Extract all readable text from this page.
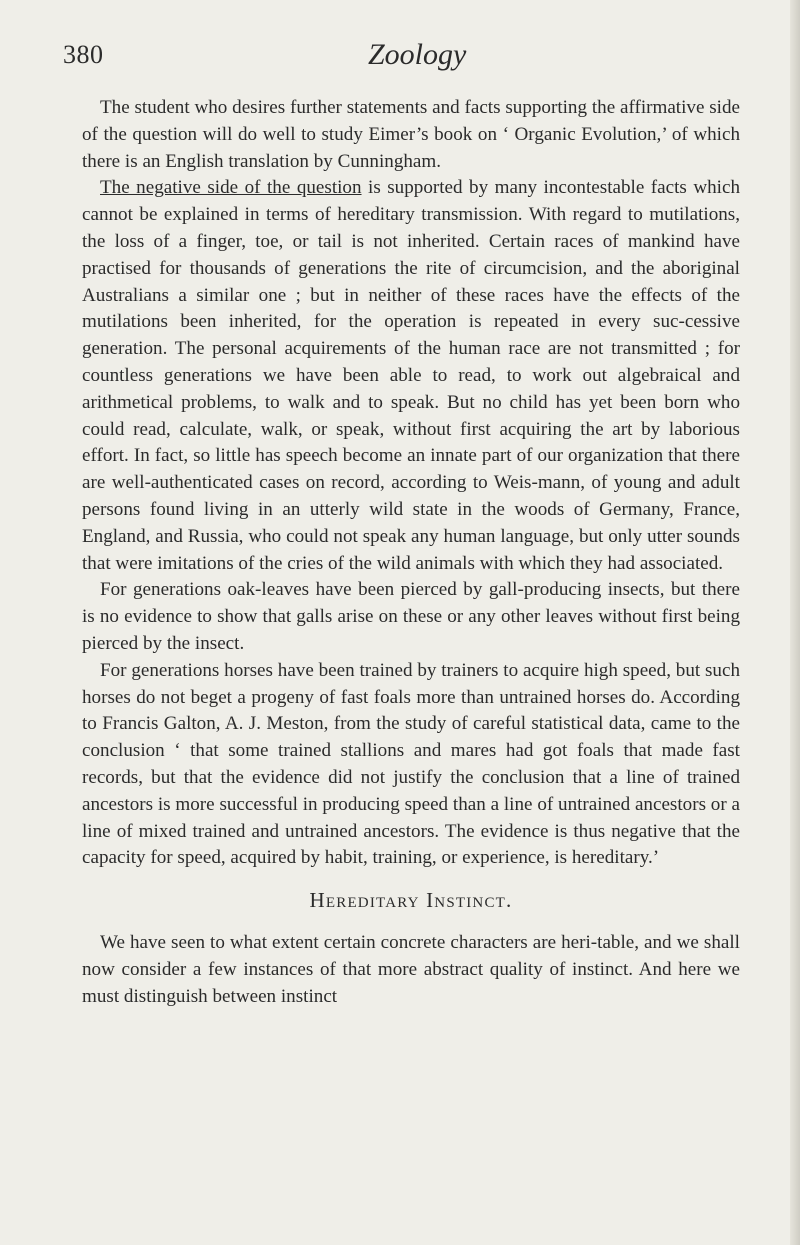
380	Zoology

The student who desires further statements and facts supporting the affirmative side of the question will do well to study Eimer’s book on ‘ Organic Evolution,’ of which there is an English translation by Cunningham.

The negative side of the question is supported by many incontestable facts which cannot be explained in terms of hereditary transmission. With regard to mutilations, the loss of a finger, toe, or tail is not inherited. Certain races of mankind have practised for thousands of generations the rite of circumcision, and the aboriginal Australians a similar one ; but in neither of these races have the effects of the mutilations been inherited, for the operation is repeated in every suc-cessive generation. The personal acquirements of the human race are not transmitted ; for countless generations we have been able to read, to work out algebraical and arithmetical problems, to walk and to speak. But no child has yet been born who could read, calculate, walk, or speak, without first acquiring the art by laborious effort. In fact, so little has speech become an innate part of our organization that there are well-authenticated cases on record, according to Weis-mann, of young and adult persons found living in an utterly wild state in the woods of Germany, France, England, and Russia, who could not speak any human language, but only utter sounds that were imitations of the cries of the wild animals with which they had associated.

For generations oak-leaves have been pierced by gall-producing insects, but there is no evidence to show that galls arise on these or any other leaves without first being pierced by the insect.

For generations horses have been trained by trainers to acquire high speed, but such horses do not beget a progeny of fast foals more than untrained horses do. According to Francis Galton, A. J. Meston, from the study of careful statistical data, came to the conclusion ‘ that some trained stallions and mares had got foals that made fast records, but that the evidence did not justify the conclusion that a line of trained ancestors is more successful in producing speed than a line of untrained ancestors or a line of mixed trained and untrained ancestors. The evidence is thus negative that the capacity for speed, acquired by habit, training, or experience, is hereditary.’

Hereditary Instinct.

We have seen to what extent certain concrete characters are heri-table, and we shall now consider a few instances of that more abstract quality of instinct. And here we must distinguish between instinct
